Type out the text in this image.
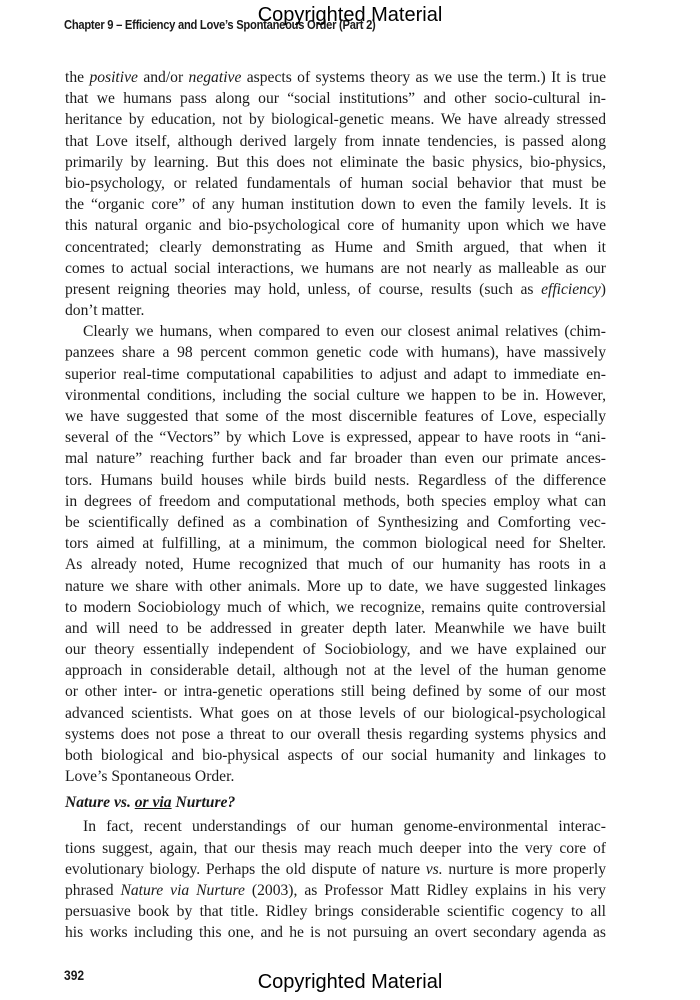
Copyrighted Material
Chapter 9 – Efficiency and Love’s Spontaneous Order (Part 2)
the positive and/or negative aspects of systems theory as we use the term.) It is true
that we humans pass along our “social institutions” and other socio-cultural in-
heritance by education, not by biological-genetic means. We have already stressed
that Love itself, although derived largely from innate tendencies, is passed along
primarily by learning. But this does not eliminate the basic physics, bio-physics,
bio-psychology, or related fundamentals of human social behavior that must be
the “organic core” of any human institution down to even the family levels. It is
this natural organic and bio-psychological core of humanity upon which we have
concentrated; clearly demonstrating as Hume and Smith argued, that when it
comes to actual social interactions, we humans are not nearly as malleable as our
present reigning theories may hold, unless, of course, results (such as efficiency)
don’t matter.
Clearly we humans, when compared to even our closest animal relatives (chim-
panzees share a 98 percent common genetic code with humans), have massively
superior real-time computational capabilities to adjust and adapt to immediate en-
vironmental conditions, including the social culture we happen to be in. However,
we have suggested that some of the most discernible features of Love, especially
several of the “Vectors” by which Love is expressed, appear to have roots in “ani-
mal nature” reaching further back and far broader than even our primate ances-
tors. Humans build houses while birds build nests. Regardless of the difference
in degrees of freedom and computational methods, both species employ what can
be scientifically defined as a combination of Synthesizing and Comforting vec-
tors aimed at fulfilling, at a minimum, the common biological need for Shelter.
As already noted, Hume recognized that much of our humanity has roots in a
nature we share with other animals. More up to date, we have suggested linkages
to modern Sociobiology much of which, we recognize, remains quite controversial
and will need to be addressed in greater depth later. Meanwhile we have built
our theory essentially independent of Sociobiology, and we have explained our
approach in considerable detail, although not at the level of the human genome
or other inter- or intra-genetic operations still being defined by some of our most
advanced scientists. What goes on at those levels of our biological-psychological
systems does not pose a threat to our overall thesis regarding systems physics and
both biological and bio-physical aspects of our social humanity and linkages to
Love’s Spontaneous Order.
Nature vs. or via Nurture?
In fact, recent understandings of our human genome-environmental interac-
tions suggest, again, that our thesis may reach much deeper into the very core of
evolutionary biology. Perhaps the old dispute of nature vs. nurture is more properly
phrased Nature via Nurture (2003), as Professor Matt Ridley explains in his very
persuasive book by that title. Ridley brings considerable scientific cogency to all
his works including this one, and he is not pursuing an overt secondary agenda as
392	Copyrighted Material
